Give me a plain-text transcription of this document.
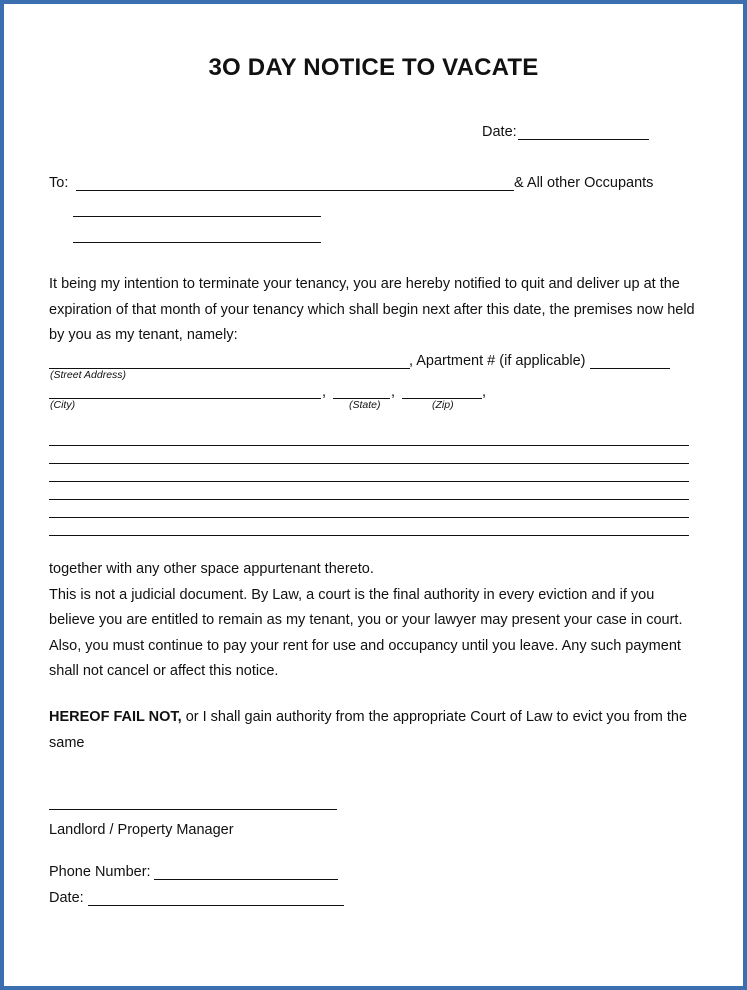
3O DAY NOTICE TO VACATE
Date:
To:	& All other Occupants

It being my intention to terminate your tenancy, you are hereby notified to quit and deliver up at the

expiration of that month of your tenancy which shall begin next after this date, the premises now held

by you as my tenant, namely:

, Apartment # (if applicable)
(Street Address)
,	,	,
(City)	(State)	(Zip)

together with any other space appurtenant thereto.

This is not a judicial document. By Law, a court is the final authority in every eviction and if you

believe you are entitled to remain as my tenant, you or your lawyer may present your case in court.

Also, you must continue to pay your rent for use and occupancy until you leave. Any such payment

shall not cancel or affect this notice.

HEREOF FAIL NOT, or I shall gain authority from the appropriate Court of Law to evict you from the

same

Landlord / Property Manager
Phone Number:
Date:
